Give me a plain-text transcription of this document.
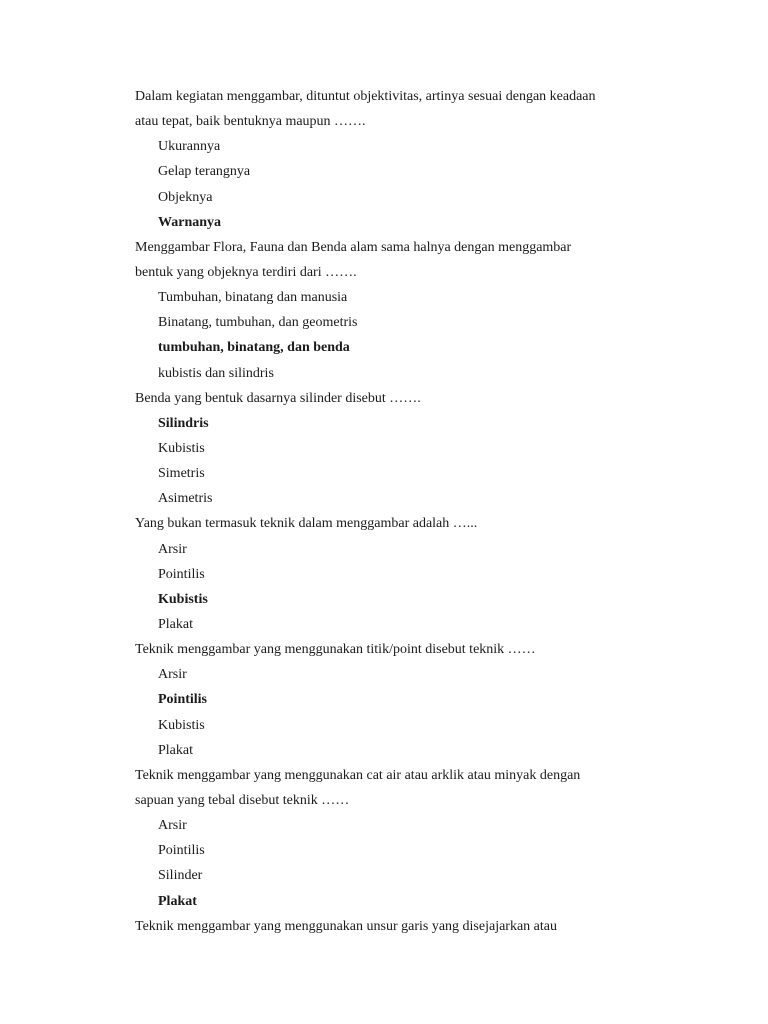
Dalam kegiatan menggambar, dituntut objektivitas, artinya sesuai dengan keadaan
atau tepat, baik bentuknya maupun …….
Ukurannya
Gelap terangnya
Objeknya
Warnanya
Menggambar Flora, Fauna dan Benda alam sama halnya dengan menggambar
bentuk yang objeknya terdiri dari …….
Tumbuhan, binatang dan manusia
Binatang, tumbuhan, dan geometris
tumbuhan, binatang, dan benda
kubistis dan silindris
Benda yang bentuk dasarnya silinder disebut …….
Silindris
Kubistis
Simetris
Asimetris
Yang bukan termasuk teknik dalam menggambar adalah …...
Arsir
Pointilis
Kubistis
Plakat
Teknik menggambar yang menggunakan titik/point disebut teknik ……
Arsir
Pointilis
Kubistis
Plakat
Teknik menggambar yang menggunakan cat air atau arklik atau minyak dengan
sapuan yang tebal disebut teknik ……
Arsir
Pointilis
Silinder
Plakat
Teknik menggambar yang menggunakan unsur garis yang disejajarkan atau
